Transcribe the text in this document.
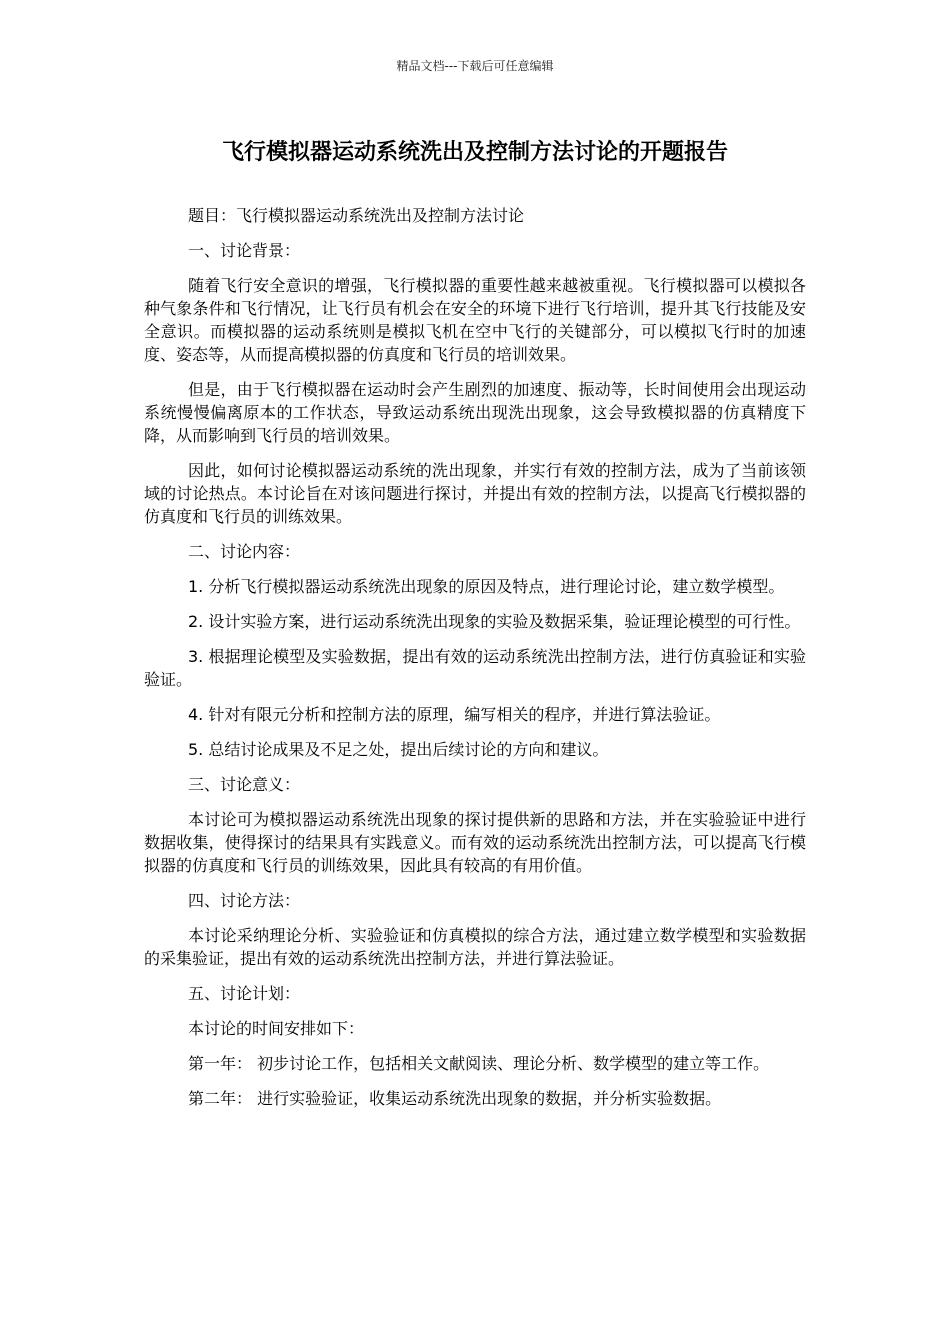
精品文档---下载后可任意编辑
飞行模拟器运动系统洗出及控制方法讨论的开题报告

题目：飞行模拟器运动系统洗出及控制方法讨论

一、讨论背景：

随着飞行安全意识的增强，飞行模拟器的重要性越来越被重视。飞行模拟器可以模拟各种气象条件和飞行情况，让飞行员有机会在安全的环境下进行飞行培训，提升其飞行技能及安全意识。而模拟器的运动系统则是模拟飞机在空中飞行的关键部分，可以模拟飞行时的加速度、姿态等，从而提高模拟器的仿真度和飞行员的培训效果。

但是，由于飞行模拟器在运动时会产生剧烈的加速度、振动等，长时间使用会出现运动系统慢慢偏离原本的工作状态，导致运动系统出现洗出现象，这会导致模拟器的仿真精度下降，从而影响到飞行员的培训效果。

因此，如何讨论模拟器运动系统的洗出现象，并实行有效的控制方法，成为了当前该领域的讨论热点。本讨论旨在对该问题进行探讨，并提出有效的控制方法，以提高飞行模拟器的仿真度和飞行员的训练效果。

二、讨论内容：

1. 分析飞行模拟器运动系统洗出现象的原因及特点，进行理论讨论，建立数学模型。

2. 设计实验方案，进行运动系统洗出现象的实验及数据采集，验证理论模型的可行性。

3. 根据理论模型及实验数据，提出有效的运动系统洗出控制方法，进行仿真验证和实验验证。

4. 针对有限元分析和控制方法的原理，编写相关的程序，并进行算法验证。

5. 总结讨论成果及不足之处，提出后续讨论的方向和建议。

三、讨论意义：

本讨论可为模拟器运动系统洗出现象的探讨提供新的思路和方法，并在实验验证中进行数据收集，使得探讨的结果具有实践意义。而有效的运动系统洗出控制方法，可以提高飞行模拟器的仿真度和飞行员的训练效果，因此具有较高的有用价值。

四、讨论方法：

本讨论采纳理论分析、实验验证和仿真模拟的综合方法，通过建立数学模型和实验数据的采集验证，提出有效的运动系统洗出控制方法，并进行算法验证。

五、讨论计划：

本讨论的时间安排如下：

第一年： 初步讨论工作，包括相关文献阅读、理论分析、数学模型的建立等工作。

第二年： 进行实验验证，收集运动系统洗出现象的数据，并分析实验数据。
